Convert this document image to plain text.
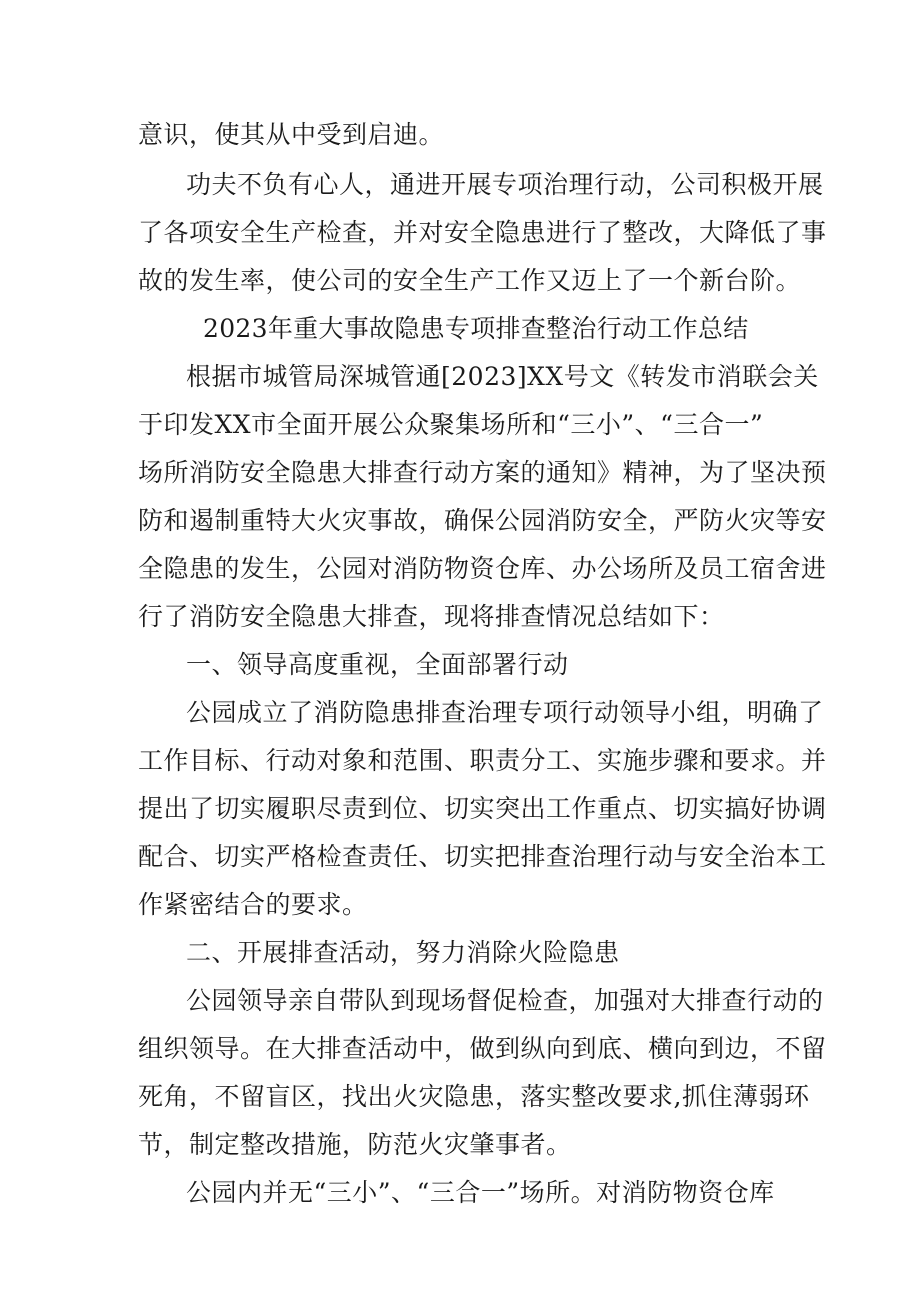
意识，使其从中受到启迪。
功夫不负有心人，通进开展专项治理行动，公司积极开展
了各项安全生产检查，并对安全隐患进行了整改，大降低了事
故的发生率，使公司的安全生产工作又迈上了一个新台阶。
2023年重大事故隐患专项排查整治行动工作总结
根据市城管局深城管通[2023]XX号文《转发市消联会关
于印发XX市全面开展公众聚集场所和“三小”、“三合一”
场所消防安全隐患大排查行动方案的通知》精神，为了坚决预
防和遏制重特大火灾事故，确保公园消防安全，严防火灾等安
全隐患的发生，公园对消防物资仓库、办公场所及员工宿舍进
行了消防安全隐患大排查，现将排查情况总结如下：
一、领导高度重视，全面部署行动
公园成立了消防隐患排查治理专项行动领导小组，明确了
工作目标、行动对象和范围、职责分工、实施步骤和要求。并
提出了切实履职尽责到位、切实突出工作重点、切实搞好协调
配合、切实严格检查责任、切实把排查治理行动与安全治本工
作紧密结合的要求。
二、开展排查活动，努力消除火险隐患
公园领导亲自带队到现场督促检查，加强对大排查行动的
组织领导。在大排查活动中，做到纵向到底、横向到边，不留
死角，不留盲区，找出火灾隐患，落实整改要求,抓住薄弱环
节，制定整改措施，防范火灾肇事者。
公园内并无“三小”、“三合一”场所。对消防物资仓库
